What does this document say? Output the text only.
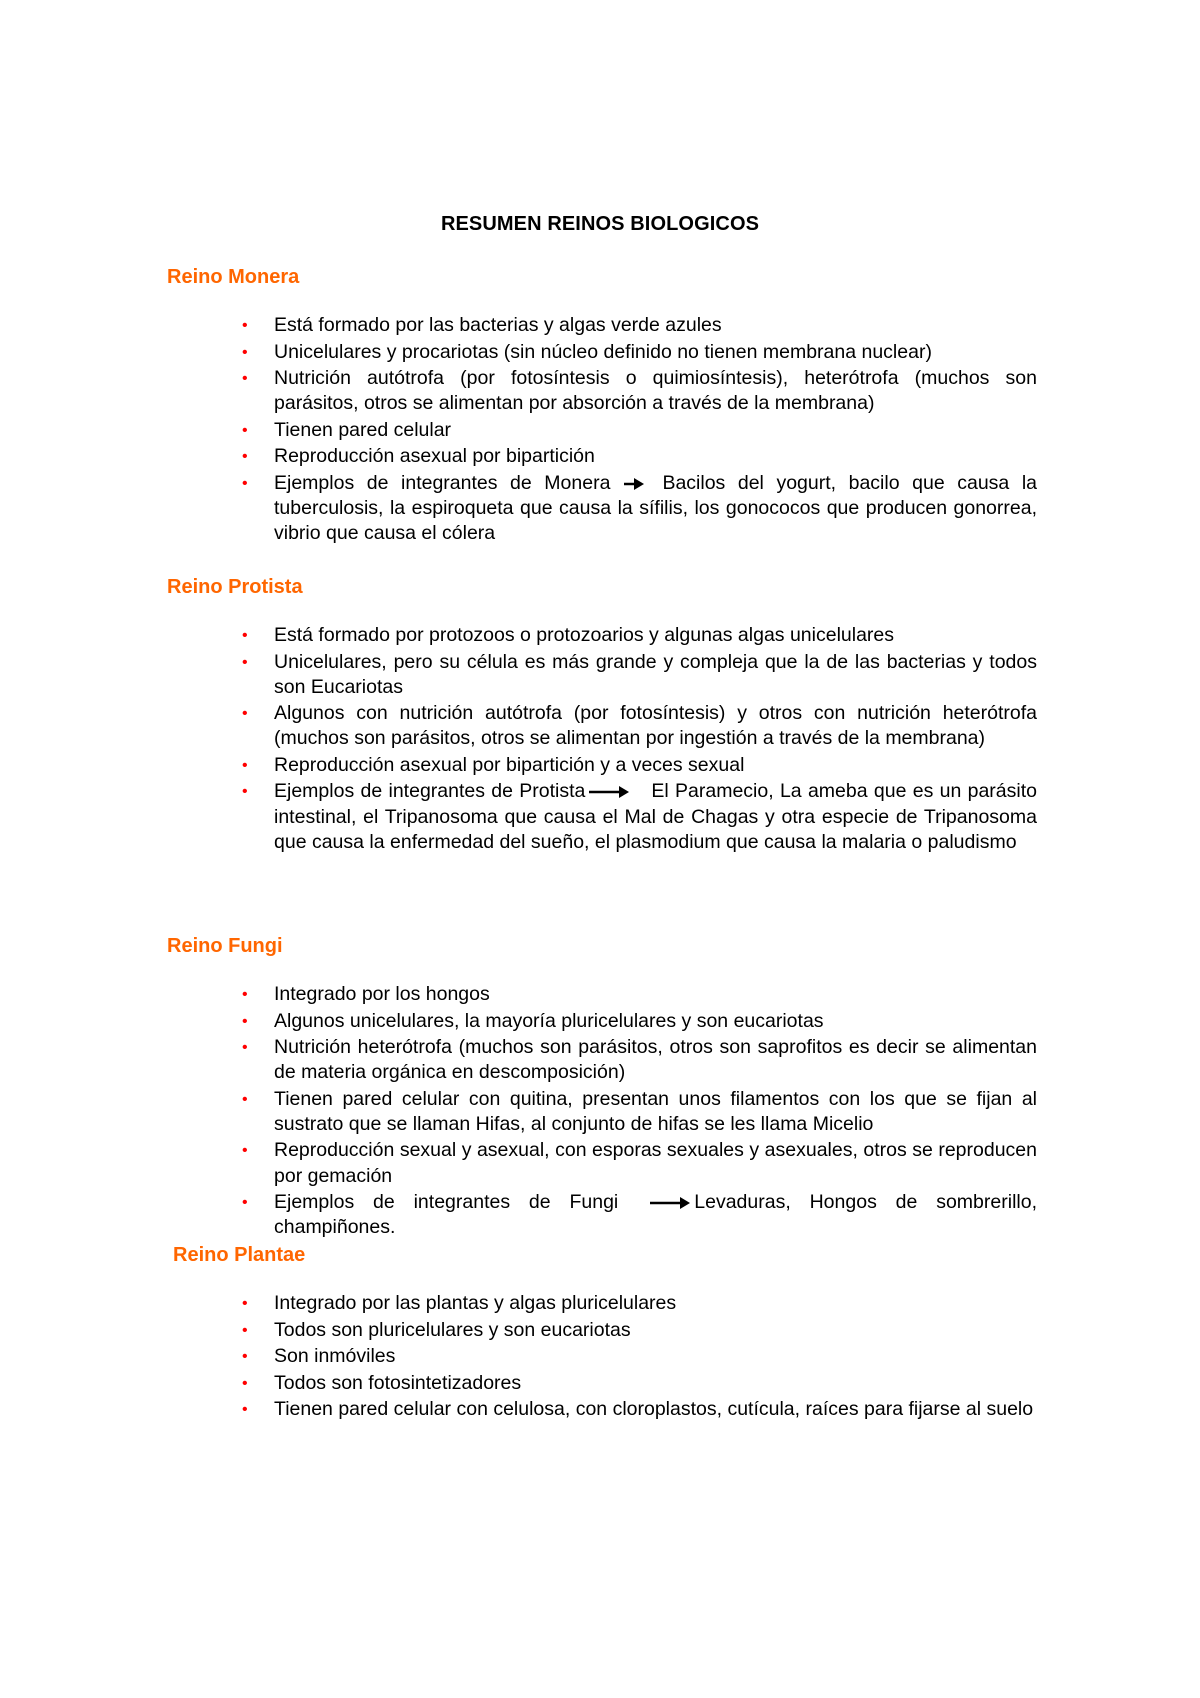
RESUMEN REINOS BIOLOGICOS
Reino Monera
• Está formado por las bacterias y algas verde azules
• Unicelulares y procariotas (sin núcleo definido no tienen membrana nuclear)
• Nutrición autótrofa (por fotosíntesis o quimiosíntesis), heterótrofa (muchos son parásitos, otros se alimentan por absorción a través de la membrana)
• Tienen pared celular
• Reproducción asexual por bipartición
• Ejemplos de integrantes de Monera	Bacilos del yogurt, bacilo que causa la tuberculosis, la espiroqueta que causa la sífilis, los gonococos que producen gonorrea, vibrio que causa el cólera
Reino Protista
• Está formado por protozoos o protozoarios y algunas algas unicelulares
• Unicelulares, pero su célula es más grande y compleja que la de las bacterias y todos son Eucariotas
• Algunos con nutrición autótrofa (por fotosíntesis) y otros con nutrición heterótrofa (muchos son parásitos, otros se alimentan por ingestión a través de la membrana)
• Reproducción asexual por bipartición y a veces sexual
• Ejemplos de integrantes de Protista	El Paramecio, La ameba que es un parásito intestinal, el Tripanosoma que causa el Mal de Chagas y otra especie de Tripanosoma que causa la enfermedad del sueño, el plasmodium que causa la malaria o paludismo
Reino Fungi
• Integrado por los hongos
• Algunos unicelulares, la mayoría pluricelulares y son eucariotas
• Nutrición heterótrofa (muchos son parásitos, otros son saprofitos es decir se alimentan de materia orgánica en descomposición)
• Tienen pared celular con quitina, presentan unos filamentos con los que se fijan al sustrato que se llaman Hifas, al conjunto de hifas se les llama Micelio
• Reproducción sexual y asexual, con esporas sexuales y asexuales, otros se reproducen por gemación
• Ejemplos de integrantes de Fungi	Levaduras, Hongos de sombrerillo, champiñones.
Reino Plantae
• Integrado por las plantas y algas pluricelulares
• Todos son pluricelulares y son eucariotas
• Son inmóviles
• Todos son fotosintetizadores
• Tienen pared celular con celulosa, con cloroplastos, cutícula, raíces para fijarse al suelo
